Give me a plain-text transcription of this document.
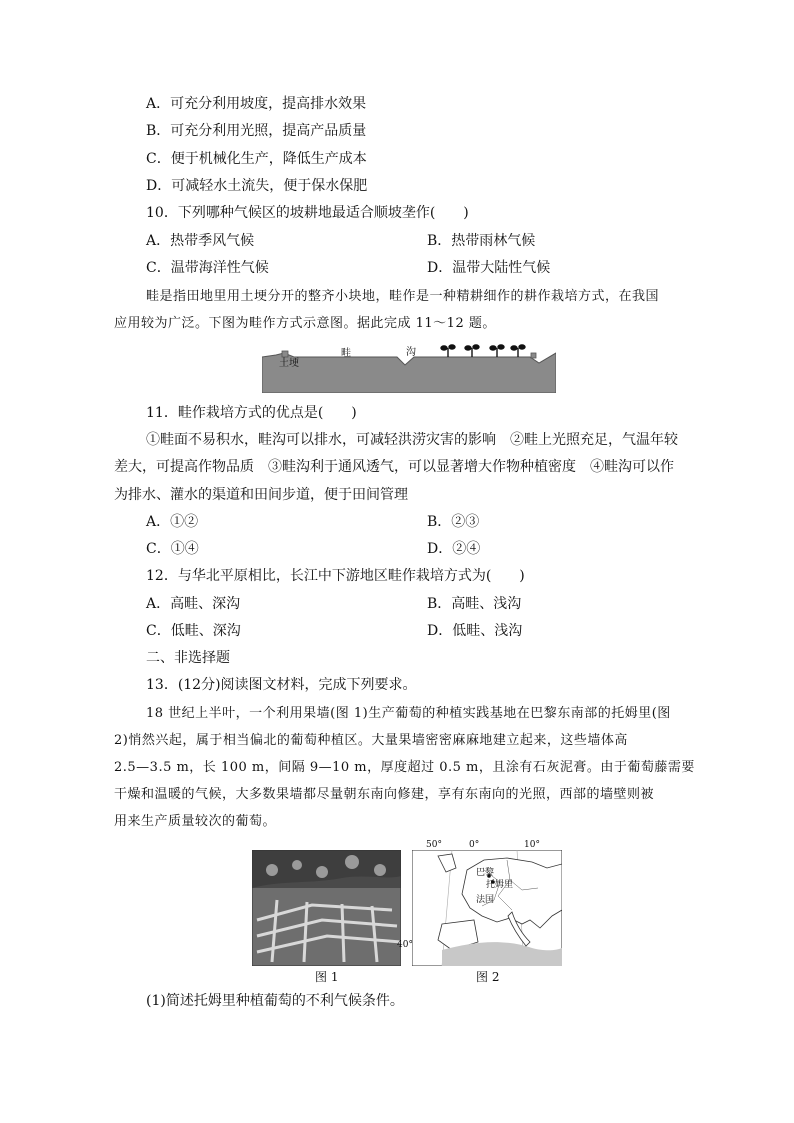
A．可充分利用坡度，提高排水效果
B．可充分利用光照，提高产品质量
C．便于机械化生产，降低生产成本
D．可减轻水土流失，便于保水保肥
10．下列哪种气候区的坡耕地最适合顺坡垄作(　　)
A．热带季风气候	B．热带雨林气候
C．温带海洋性气候	D．温带大陆性气候
畦是指田地里用土埂分开的整齐小块地，畦作是一种精耕细作的耕作栽培方式，在我国
应用较为广泛。下图为畦作方式示意图。据此完成 11～12 题。
土埂
畦	沟
11．畦作栽培方式的优点是(　　)
①畦面不易积水，畦沟可以排水，可减轻洪涝灾害的影响　②畦上光照充足，气温年较
差大，可提高作物品质　③畦沟利于通风透气，可以显著增大作物种植密度　④畦沟可以作
为排水、灌水的渠道和田间步道，便于田间管理
A．①②	B．②③
C．①④	D．②④
12．与华北平原相比，长江中下游地区畦作栽培方式为(　　)
A．高畦、深沟	B．高畦、浅沟
C．低畦、深沟	D．低畦、浅沟
二、非选择题
13．(12分)阅读图文材料，完成下列要求。
18 世纪上半叶，一个利用果墙(图 1)生产葡萄的种植实践基地在巴黎东南部的托姆里(图
2)悄然兴起，属于相当偏北的葡萄种植区。大量果墙密密麻麻地建立起来，这些墙体高
2.5—3.5 m，长 100 m，间隔 9—10 m，厚度超过 0.5 m，且涂有石灰泥膏。由于葡萄藤需要
干燥和温暖的气候，大多数果墙都尽量朝东南向修建，享有东南向的光照，西部的墙壁则被
用来生产质量较次的葡萄。
图 1
50°	0°	10°
40°
巴黎
托姆里
法国
图 2
(1)简述托姆里种植葡萄的不利气候条件。
